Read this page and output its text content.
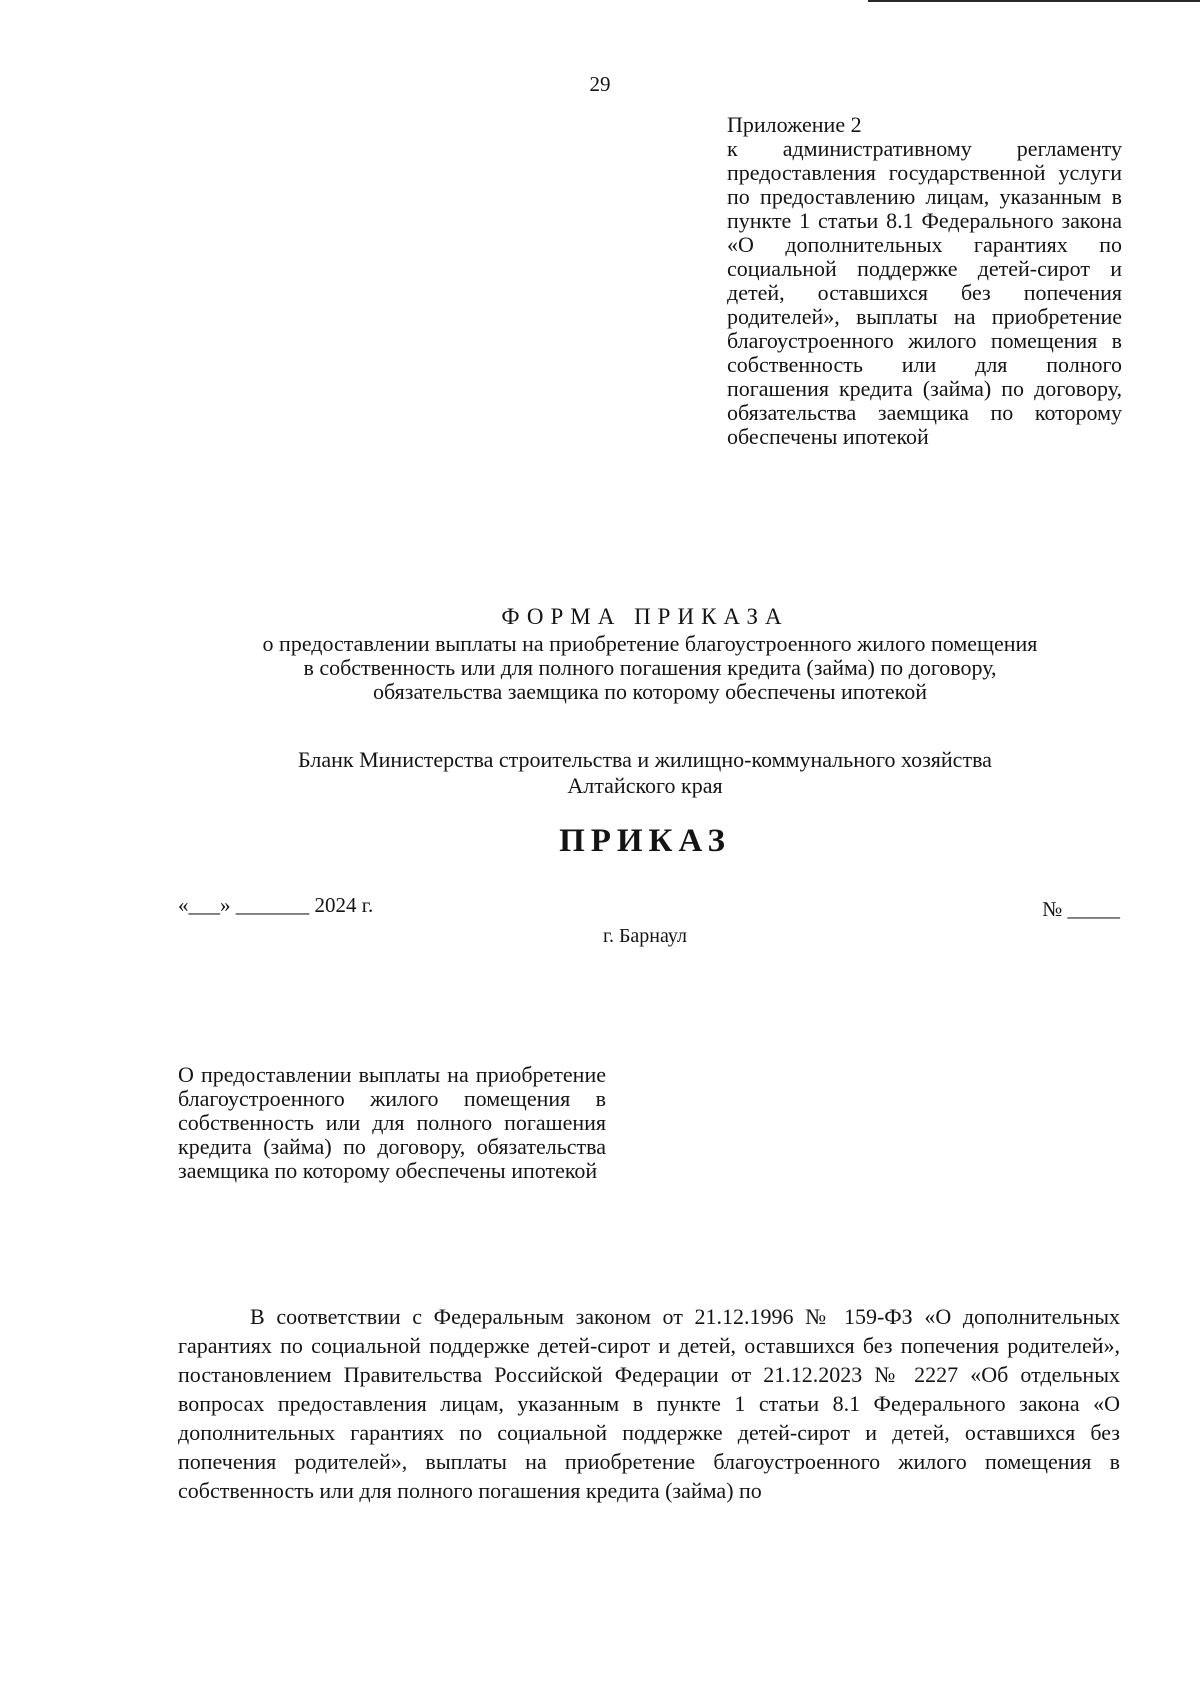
29
Приложение 2
к административному регламенту предоставления государственной услуги по предоставлению лицам, указанным в пункте 1 статьи 8.1 Федерального закона «О дополнительных гарантиях по социальной поддержке детей-сирот и детей, оставшихся без попечения родителей», выплаты на приобретение благоустроенного жилого помещения в собственность или для полного погашения кредита (займа) по договору, обязательства заемщика по которому обеспечены ипотекой
ФОРМА ПРИКАЗА
о предоставлении выплаты на приобретение благоустроенного жилого помещения
в собственность или для полного погашения кредита (займа) по договору,
обязательства заемщика по которому обеспечены ипотекой
Бланк Министерства строительства и жилищно-коммунального хозяйства
Алтайского края
ПРИКАЗ
«___» _______ 2024 г.	№ _____
г. Барнаул
О предоставлении выплаты на приобретение благоустроенного жилого помещения в собственность или для полного погашения кредита (займа) по договору, обязательства заемщика по которому обеспечены ипотекой
В соответствии с Федеральным законом от 21.12.1996 № 159-ФЗ «О дополнительных гарантиях по социальной поддержке детей-сирот и детей, оставшихся без попечения родителей», постановлением Правительства Российской Федерации от 21.12.2023 № 2227 «Об отдельных вопросах предоставления лицам, указанным в пункте 1 статьи 8.1 Федерального закона «О дополнительных гарантиях по социальной поддержке детей-сирот и детей, оставшихся без попечения родителей», выплаты на приобретение благоустроенного жилого помещения в собственность или для полного погашения кредита (займа) по
